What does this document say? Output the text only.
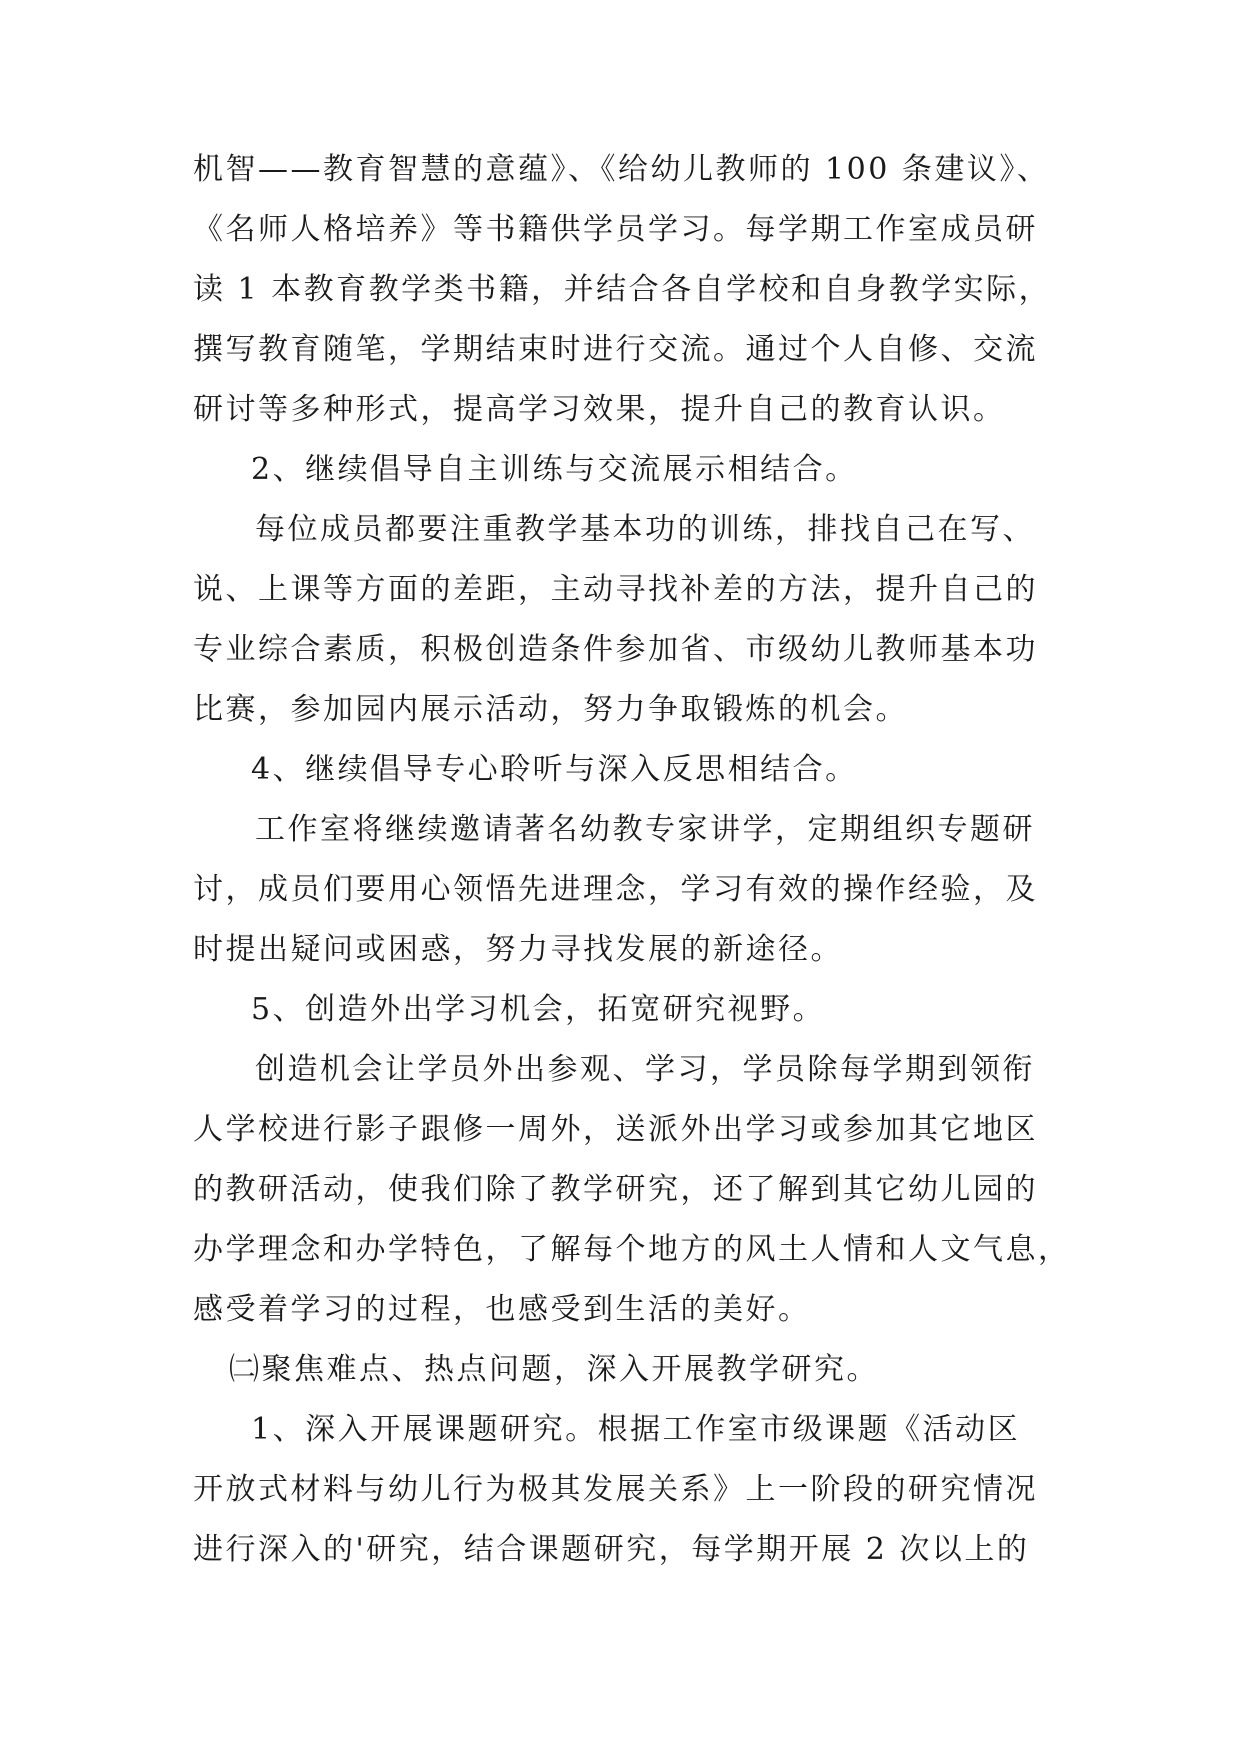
机智——教育智慧的意蕴》、《给幼儿教师的 100 条建议》、
《名师人格培养》等书籍供学员学习。每学期工作室成员研
读 1 本教育教学类书籍，并结合各自学校和自身教学实际，
撰写教育随笔，学期结束时进行交流。通过个人自修、交流
研讨等多种形式，提高学习效果，提升自己的教育认识。
2、继续倡导自主训练与交流展示相结合。
每位成员都要注重教学基本功的训练，排找自己在写、
说、上课等方面的差距，主动寻找补差的方法，提升自己的
专业综合素质，积极创造条件参加省、市级幼儿教师基本功
比赛，参加园内展示活动，努力争取锻炼的机会。
4、继续倡导专心聆听与深入反思相结合。
工作室将继续邀请著名幼教专家讲学，定期组织专题研
讨，成员们要用心领悟先进理念，学习有效的操作经验，及
时提出疑问或困惑，努力寻找发展的新途径。
5、创造外出学习机会，拓宽研究视野。
创造机会让学员外出参观、学习，学员除每学期到领衔
人学校进行影子跟修一周外，送派外出学习或参加其它地区
的教研活动，使我们除了教学研究，还了解到其它幼儿园的
办学理念和办学特色，了解每个地方的风土人情和人文气息，
感受着学习的过程，也感受到生活的美好。
㈡聚焦难点、热点问题，深入开展教学研究。
1、深入开展课题研究。根据工作室市级课题《活动区
开放式材料与幼儿行为极其发展关系》上一阶段的研究情况
进行深入的'研究，结合课题研究，每学期开展 2 次以上的
